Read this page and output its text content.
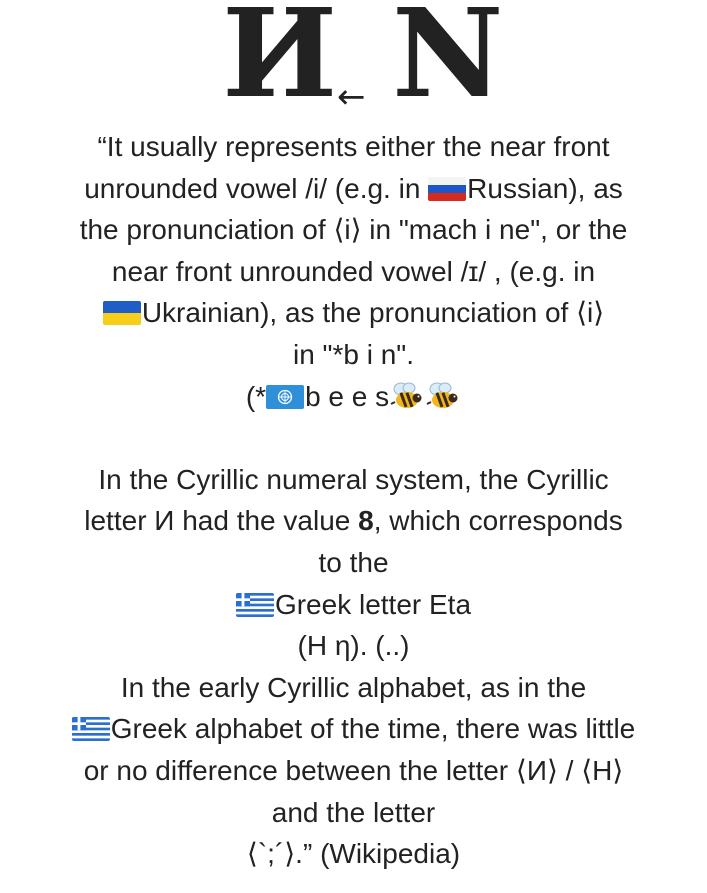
И ← N
“It usually represents either the near front
unrounded vowel /i/ (e.g. in
Russian), as
the pronunciation of ⟨i⟩ in "mach i ne", or the
near front unrounded vowel /ɪ/ , (e.g. in
Ukrainian), as the pronunciation of ⟨i⟩
in "*b i n".
(* b e e s
In the Cyrillic numeral system, the Cyrillic
letter И had the value 8, which corresponds
to the
Greek letter Eta
(Η η). (..)
In the early Cyrillic alphabet, as in the
Greek alphabet of the time, there was little
or no difference between the letter ⟨И⟩ / ⟨Н⟩
and the letter
⟨`;´⟩.” (Wikipedia)
